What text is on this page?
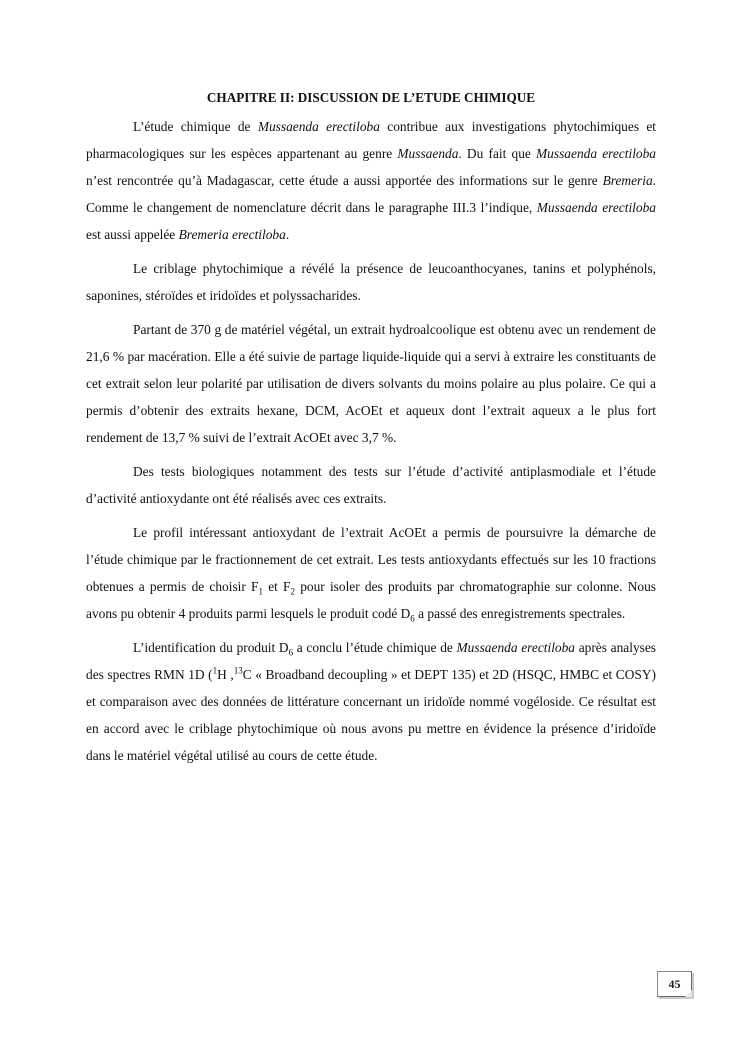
CHAPITRE II: DISCUSSION DE L’ETUDE CHIMIQUE

L’étude chimique de Mussaenda erectiloba contribue aux investigations phytochimiques et pharmacologiques sur les espèces appartenant au genre Mussaenda. Du fait que Mussaenda erectiloba n’est rencontrée qu’à Madagascar, cette étude a aussi apportée des informations sur le genre Bremeria. Comme le changement de nomenclature décrit dans le paragraphe III.3 l’indique, Mussaenda erectiloba est aussi appelée Bremeria erectiloba.

Le criblage phytochimique a révélé la présence de leucoanthocyanes, tanins et polyphénols, saponines, stéroïdes et iridoïdes et polyssacharides.

Partant de 370 g de matériel végétal, un extrait hydroalcoolique est obtenu avec un rendement de 21,6 % par macération. Elle a été suivie de partage liquide-liquide qui a servi à extraire les constituants de cet extrait selon leur polarité par utilisation de divers solvants du moins polaire au plus polaire. Ce qui a permis d’obtenir des extraits hexane, DCM, AcOEt et aqueux dont l’extrait aqueux a le plus fort rendement de 13,7 % suivi de l’extrait AcOEt avec 3,7 %.

Des tests biologiques notamment des tests sur l’étude d’activité antiplasmodiale et l’étude d’activité antioxydante ont été réalisés avec ces extraits.

Le profil intéressant antioxydant de l’extrait AcOEt a permis de poursuivre la démarche de l’étude chimique par le fractionnement de cet extrait. Les tests antioxydants effectués sur les 10 fractions obtenues a permis de choisir $F_1$ et $F_2$ pour isoler des produits par chromatographie sur colonne. Nous avons pu obtenir 4 produits parmi lesquels le produit codé $D_6$ a passé des enregistrements spectrales.

L’identification du produit $D_6$ a conclu l’étude chimique de Mussaenda erectiloba après analyses des spectres RMN 1D ($^1$H ,$^{13}$C « Broadband decoupling » et DEPT 135) et 2D (HSQC, HMBC et COSY) et comparaison avec des données de littérature concernant un iridoïde nommé vogéloside. Ce résultat est en accord avec le criblage phytochimique où nous avons pu mettre en évidence la présence d’iridoïde dans le matériel végétal utilisé au cours de cette étude.

45
